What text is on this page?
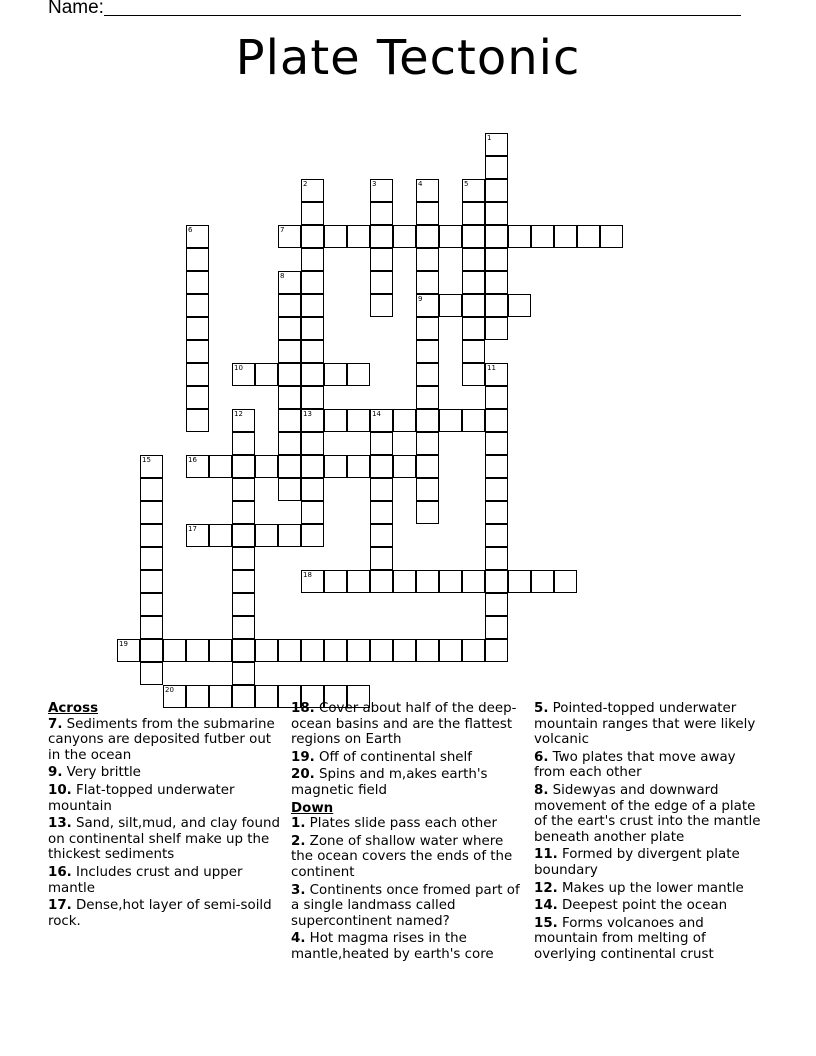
Name:
Plate Tectonic
1
2
13
3	4
9
5
6	7
8
10	11
12	14
15	16
17
18
19
20
Across
7. Sediments from the submarine canyons are deposited futber out in the ocean
9. Very brittle
10. Flat-topped underwater mountain
13. Sand, silt,mud, and clay found on continental shelf make up the thickest sediments
16. Includes crust and upper mantle
17. Dense,hot layer of semi-soild rock.
18. Cover about half of the deep-ocean basins and are the flattest regions on Earth
19. Off of continental shelf
20. Spins and m,akes earth's magnetic field
Down
1. Plates slide pass each other
2. Zone of shallow water where the ocean covers the ends of the continent
3. Continents once fromed part of a single landmass called supercontinent named?
4. Hot magma rises in the mantle,heated by earth's core
5. Pointed-topped underwater mountain ranges that were likely volcanic
6. Two plates that move away from each other
8. Sidewyas and downward movement of the edge of a plate of the eart's crust into the mantle beneath another plate
11. Formed by divergent plate boundary
12. Makes up the lower mantle
14. Deepest point the ocean
15. Forms volcanoes and mountain from melting of overlying continental crust
